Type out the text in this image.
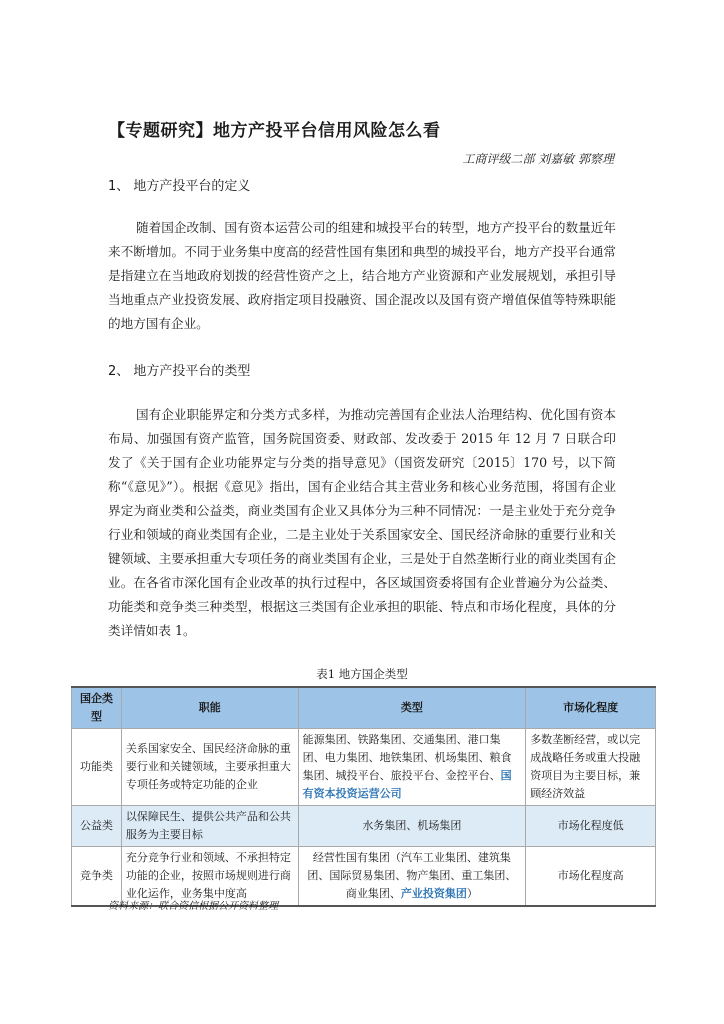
【专题研究】地方产投平台信用风险怎么看
工商评级二部 刘嘉敏 郭察理
1、 地方产投平台的定义

随着国企改制、国有资本运营公司的组建和城投平台的转型，地方产投平台的数量近年来不断增加。不同于业务集中度高的经营性国有集团和典型的城投平台，地方产投平台通常是指建立在当地政府划拨的经营性资产之上，结合地方产业资源和产业发展规划，承担引导当地重点产业投资发展、政府指定项目投融资、国企混改以及国有资产增值保值等特殊职能的地方国有企业。

2、 地方产投平台的类型

国有企业职能界定和分类方式多样，为推动完善国有企业法人治理结构、优化国有资本布局、加强国有资产监管，国务院国资委、财政部、发改委于 2015 年 12 月 7 日联合印发了《关于国有企业功能界定与分类的指导意见》（国资发研究〔2015〕170 号，以下简称“《意见》”）。根据《意见》指出，国有企业结合其主营业务和核心业务范围，将国有企业界定为商业类和公益类，商业类国有企业又具体分为三种不同情况：一是主业处于充分竞争行业和领域的商业类国有企业，二是主业处于关系国家安全、国民经济命脉的重要行业和关键领域、主要承担重大专项任务的商业类国有企业，三是处于自然垄断行业的商业类国有企业。在各省市深化国有企业改革的执行过程中，各区域国资委将国有企业普遍分为公益类、功能类和竞争类三种类型，根据这三类国有企业承担的职能、特点和市场化程度，具体的分类详情如表 1。

表1 地方国企类型
国企类型	职能	类型	市场化程度
功能类	关系国家安全、国民经济命脉的重要行业和关键领域，主要承担重大专项任务或特定功能的企业	能源集团、铁路集团、交通集团、港口集团、电力集团、地铁集团、机场集团、粮食集团、城投平台、旅投平台、金控平台、国有资本投资运营公司	多数垄断经营，或以完成战略任务或重大投融资项目为主要目标，兼顾经济效益
公益类	以保障民生、提供公共产品和公共服务为主要目标	水务集团、机场集团	市场化程度低
竞争类	充分竞争行业和领域、不承担特定功能的企业，按照市场规则进行商业化运作，业务集中度高	经营性国有集团（汽车工业集团、建筑集团、国际贸易集团、物产集团、重工集团、商业集团、产业投资集团）	市场化程度高
资料来源：联合资信根据公开资料整理
